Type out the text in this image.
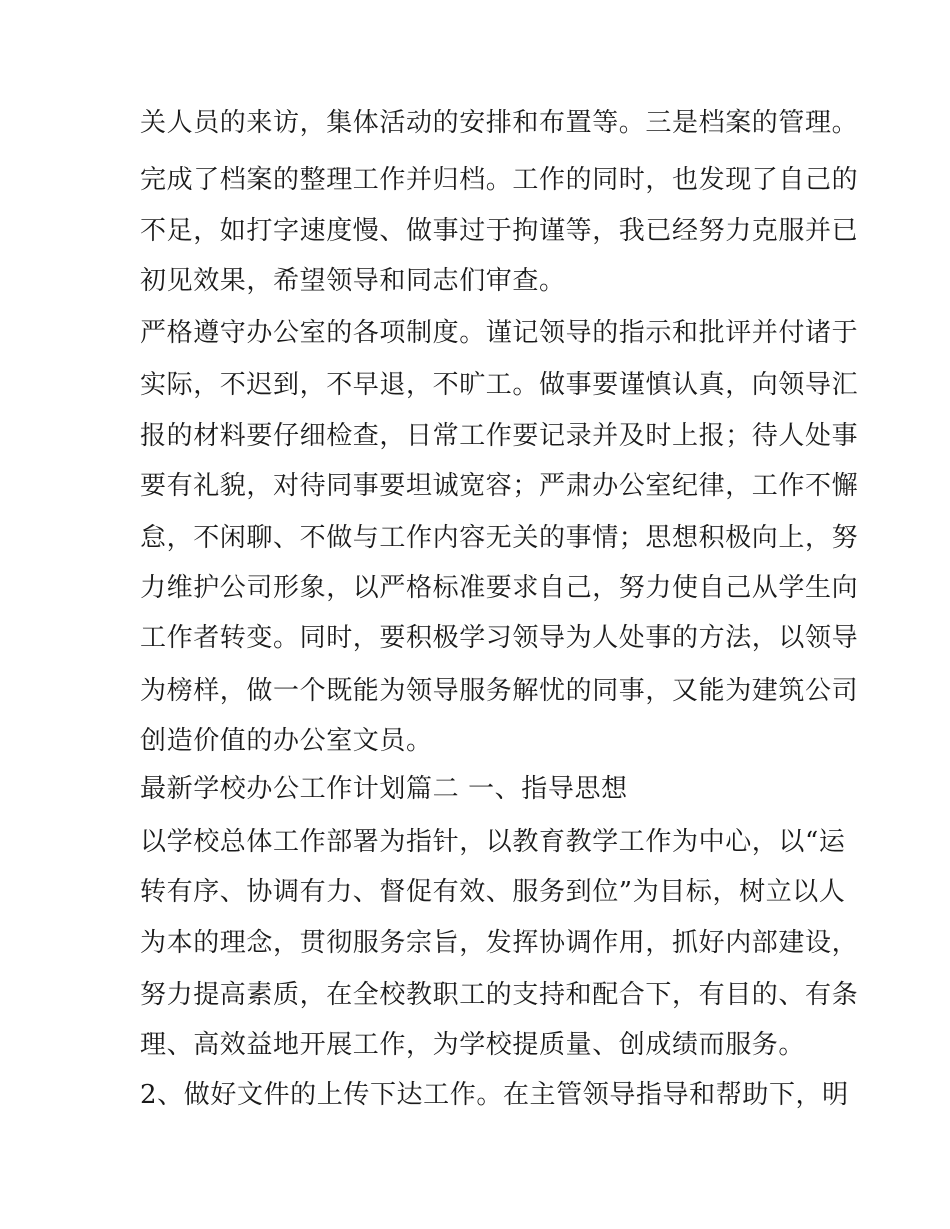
关人员的来访，集体活动的安排和布置等。三是档案的管理。

完成了档案的整理工作并归档。工作的同时，也发现了自己的

不足，如打字速度慢、做事过于拘谨等，我已经努力克服并已

初见效果，希望领导和同志们审查。

严格遵守办公室的各项制度。谨记领导的指示和批评并付诸于

实际，不迟到，不早退，不旷工。做事要谨慎认真，向领导汇

报的材料要仔细检查，日常工作要记录并及时上报；待人处事

要有礼貌，对待同事要坦诚宽容；严肃办公室纪律，工作不懈

怠，不闲聊、不做与工作内容无关的事情；思想积极向上，努

力维护公司形象，以严格标准要求自己，努力使自己从学生向

工作者转变。同时，要积极学习领导为人处事的方法，以领导

为榜样，做一个既能为领导服务解忧的同事，又能为建筑公司

创造价值的办公室文员。

最新学校办公工作计划篇二 一、指导思想

以学校总体工作部署为指针，以教育教学工作为中心，以“运

转有序、协调有力、督促有效、服务到位”为目标，树立以人

为本的理念，贯彻服务宗旨，发挥协调作用，抓好内部建设，

努力提高素质，在全校教职工的支持和配合下，有目的、有条

理、高效益地开展工作，为学校提质量、创成绩而服务。

2、做好文件的上传下达工作。在主管领导指导和帮助下，明
